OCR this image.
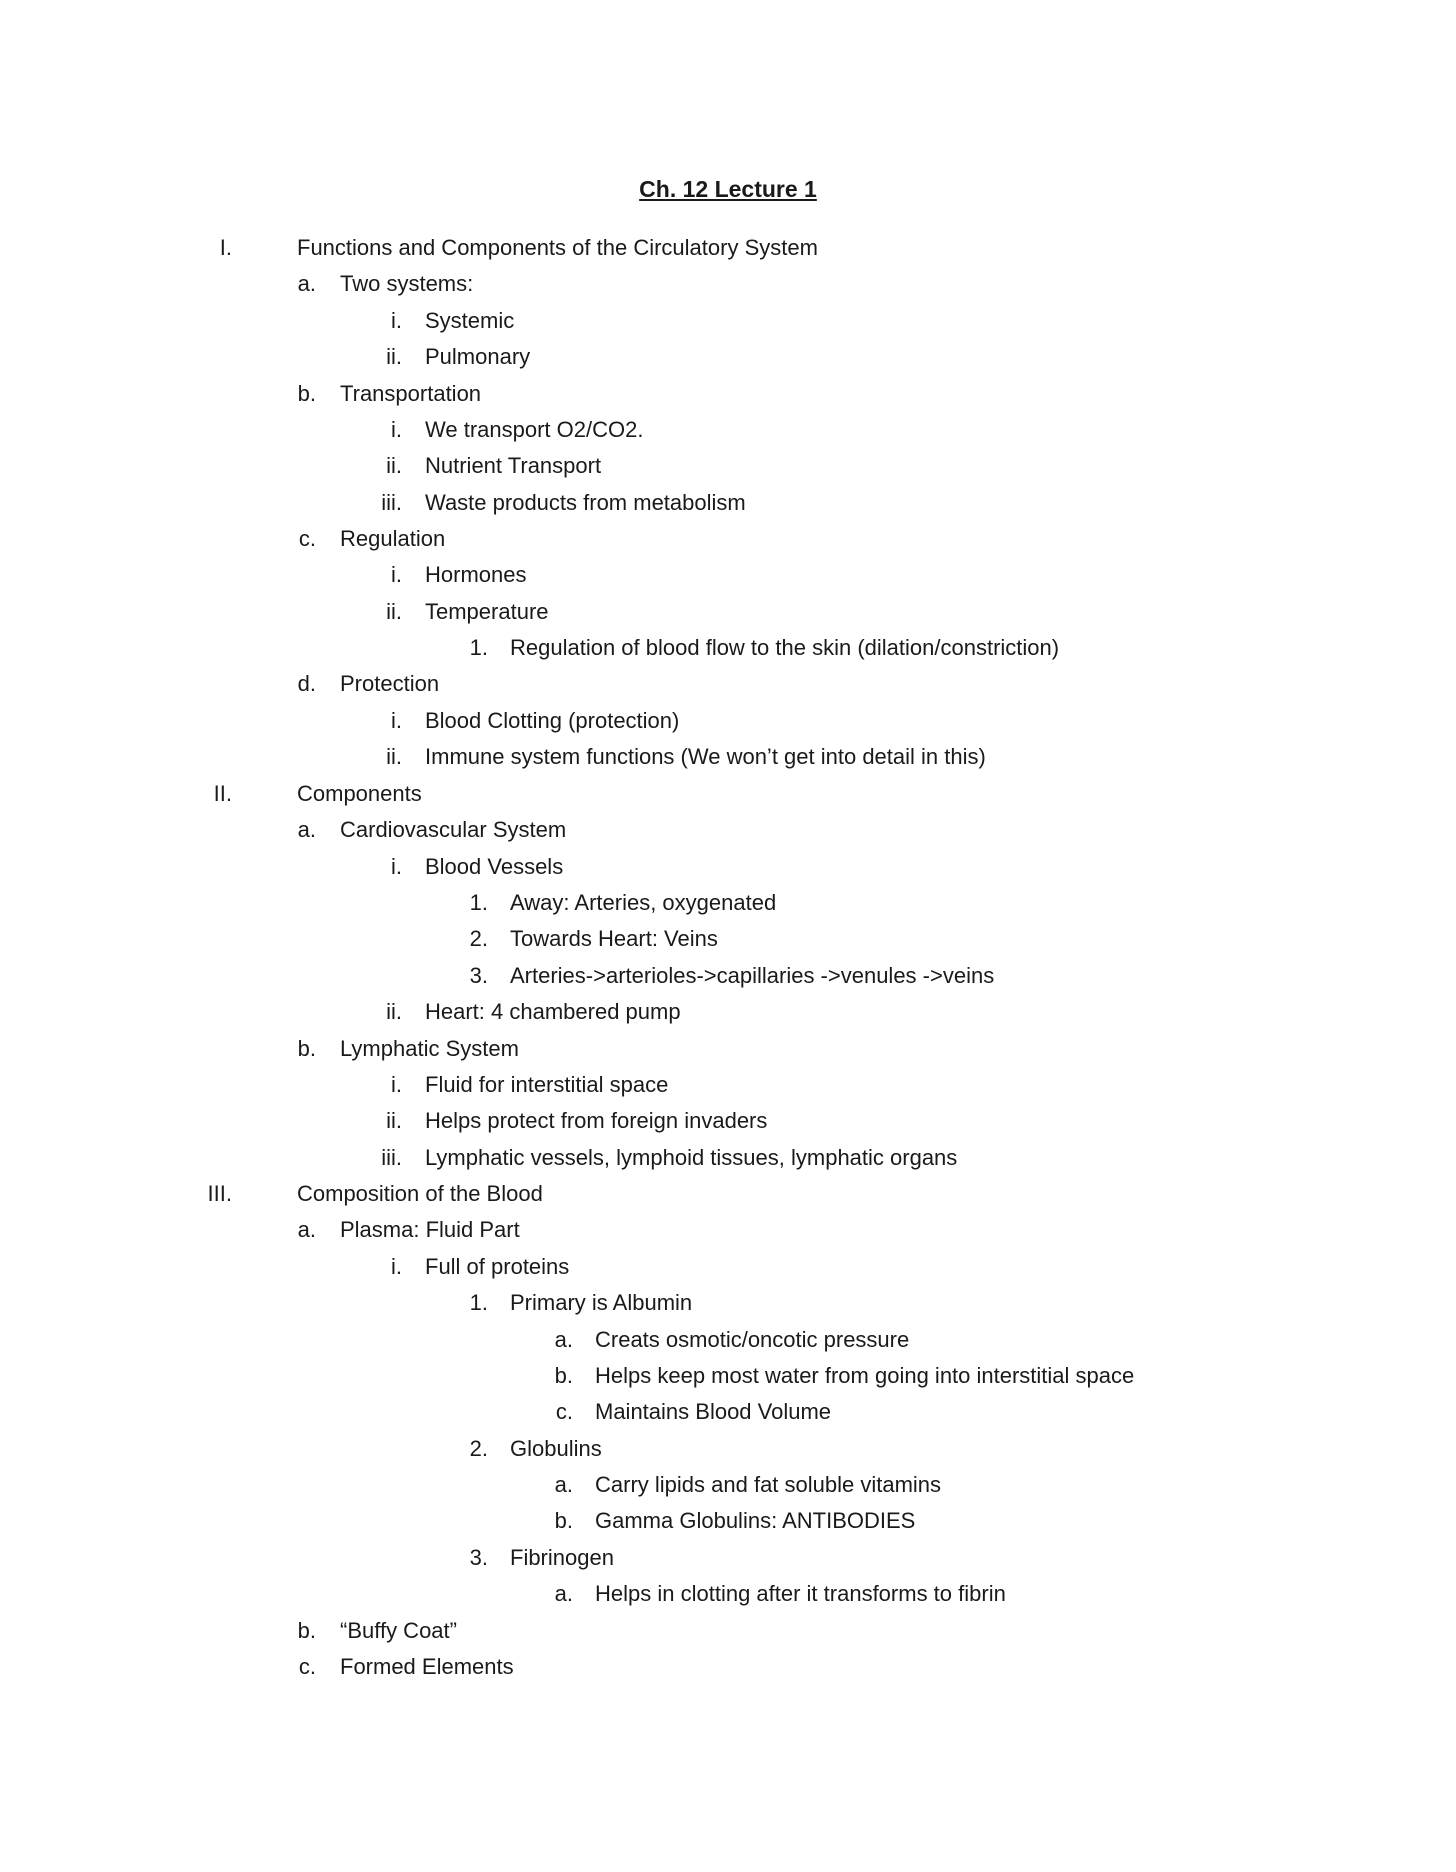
Ch. 12 Lecture 1
I.	Functions and Components of the Circulatory System
a. Two systems:
i. Systemic
ii. Pulmonary
b. Transportation
i. We transport O2/CO2.
ii. Nutrient Transport
iii. Waste products from metabolism
c. Regulation
i. Hormones
ii. Temperature
1. Regulation of blood flow to the skin (dilation/constriction)
d. Protection
i. Blood Clotting (protection)
ii. Immune system functions (We won’t get into detail in this)
II.	Components
a. Cardiovascular System
i. Blood Vessels
1. Away: Arteries, oxygenated
2. Towards Heart: Veins
3. Arteries->arterioles->capillaries ->venules ->veins
ii. Heart: 4 chambered pump
b. Lymphatic System
i. Fluid for interstitial space
ii. Helps protect from foreign invaders
iii. Lymphatic vessels, lymphoid tissues, lymphatic organs
III.	Composition of the Blood
a. Plasma: Fluid Part
i. Full of proteins
1. Primary is Albumin
a. Creats osmotic/oncotic pressure
b. Helps keep most water from going into interstitial space
c. Maintains Blood Volume
2. Globulins
a. Carry lipids and fat soluble vitamins
b. Gamma Globulins: ANTIBODIES
3. Fibrinogen
a. Helps in clotting after it transforms to fibrin
b. “Buffy Coat”
c. Formed Elements
